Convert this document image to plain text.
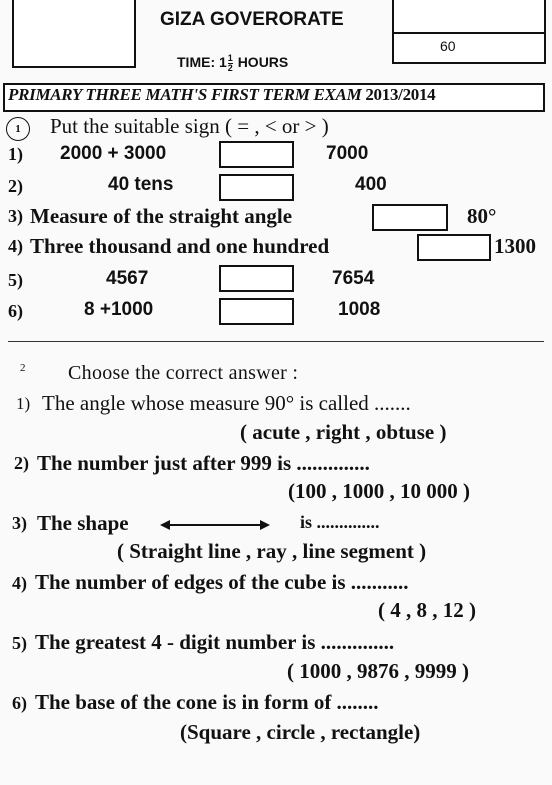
60
GIZA GOVERORATE
TIME: $1 \frac{1}{2}$ HOURS
PRIMARY THREE MATH'S FIRST TERM EXAM 2013/2014
1	Put the suitable sign ( = , < or > )
1) 2000 + 3000	7000
2)	40 tens	400
3) Measure of the straight angle	80°
4) Three thousand and one hundred	1300
5)	4567	7654
6)	8 +1000	1008
2 Choose the correct answer :
1) The angle whose measure 90° is called .......
( acute , right , obtuse )
2) The number just after 999 is ..............
(100 , 1000 , 10 000 )
3) The shape	is ..............
( Straight line , ray , line segment )
4) The number of edges of the cube is ...........
( 4 , 8 , 12 )
5) The greatest 4 - digit number is ..............
( 1000 , 9876 , 9999 )
6) The base of the cone is in form of ........
(Square , circle , rectangle)
